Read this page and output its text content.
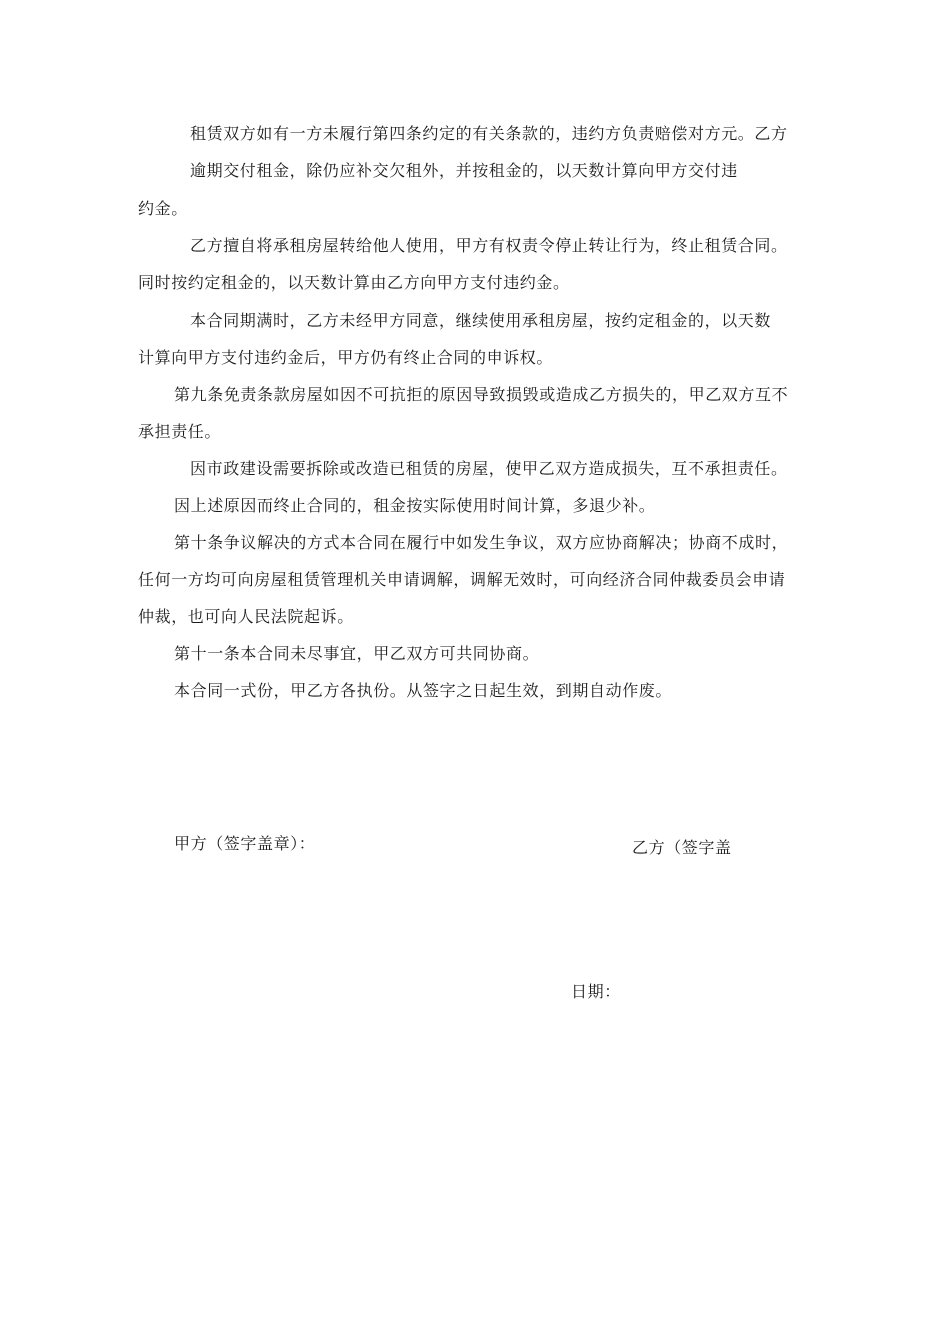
租赁双方如有一方未履行第四条约定的有关条款的，违约方负责赔偿对方元。乙方
逾期交付租金，除仍应补交欠租外，并按租金的，以天数计算向甲方交付违
约金。
乙方擅自将承租房屋转给他人使用，甲方有权责令停止转让行为，终止租赁合同。
同时按约定租金的，以天数计算由乙方向甲方支付违约金。
本合同期满时，乙方未经甲方同意，继续使用承租房屋，按约定租金的，以天数
计算向甲方支付违约金后，甲方仍有终止合同的申诉权。
第九条免责条款房屋如因不可抗拒的原因导致损毁或造成乙方损失的，甲乙双方互不
承担责任。
因市政建设需要拆除或改造已租赁的房屋，使甲乙双方造成损失，互不承担责任。
因上述原因而终止合同的，租金按实际使用时间计算，多退少补。
第十条争议解决的方式本合同在履行中如发生争议，双方应协商解决；协商不成时，
任何一方均可向房屋租赁管理机关申请调解，调解无效时，可向经济合同仲裁委员会申请
仲裁，也可向人民法院起诉。
第十一条本合同未尽事宜，甲乙双方可共同协商。
本合同一式份，甲乙方各执份。从签字之日起生效，到期自动作废。
甲方（签字盖章）：	乙方（签字盖
日期：
